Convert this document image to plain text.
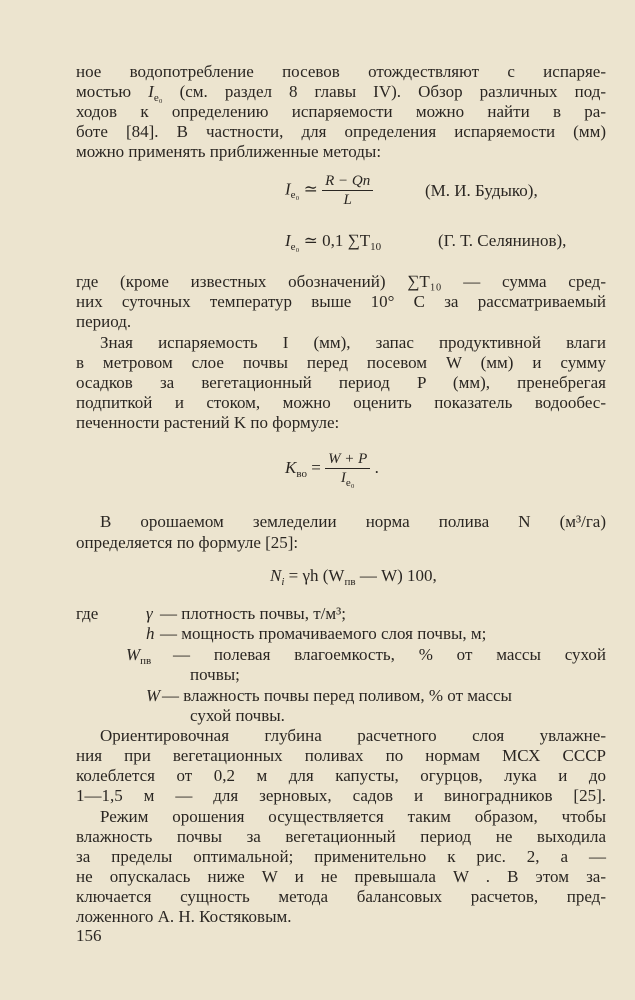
ное водопотребление посевов отождествляют с испаряе-
мостью $I_{e_0}$ (см. раздел 8 главы IV). Обзор различных под-
ходов к определению испаряемости можно найти в ра-
боте [84]. В частности, для определения испаряемости (мм)
можно применять приближенные методы:
$I_{e_0}$ ≃ $\frac{R - Qп}{L}$	(М. И. Будыко),
$I_{e_0}$ ≃ 0,1 $\sum T_{10}$	(Г. Т. Селянинов),
где (кроме известных обозначений) ∑T₁₀ — сумма сред-
них суточных температур выше 10° С за рассматриваемый
период.
Зная испаряемость I (мм), запас продуктивной влаги
в метровом слое почвы перед посевом W (мм) и сумму
осадков за вегетационный период P (мм), пренебрегая
подпиткой и стоком, можно оценить показатель водообес-
печенности растений K по формуле:
$K_{во} = \frac{W + P}{I_{e_0}}$ .
В орошаемом земледелии норма полива N (м³/га)
определяется по формуле [25]:
$N_i = \gamma h$ ($W_{пв}$ — W) 100,
где	γ — плотность почвы, т/м³;
h — мощность промачиваемого слоя почвы, м;
$W_{пв}$ — полевая влагоемкость, % от массы сухой
почвы;
W — влажность почвы перед поливом, % от массы
сухой почвы.
Ориентировочная глубина расчетного слоя увлажне-
ния при вегетационных поливах по нормам МСХ СССР
колеблется от 0,2 м для капусты, огурцов, лука и до
1—1,5 м — для зерновых, садов и виноградников [25].
Режим орошения осуществляется таким образом, чтобы
влажность почвы за вегетационный период не выходила
за пределы оптимальной; применительно к рис. 2, a —
не опускалась ниже W и не превышала W . В этом за-
ключается сущность метода балансовых расчетов, пред-
ложенного А. Н. Костяковым.
156
